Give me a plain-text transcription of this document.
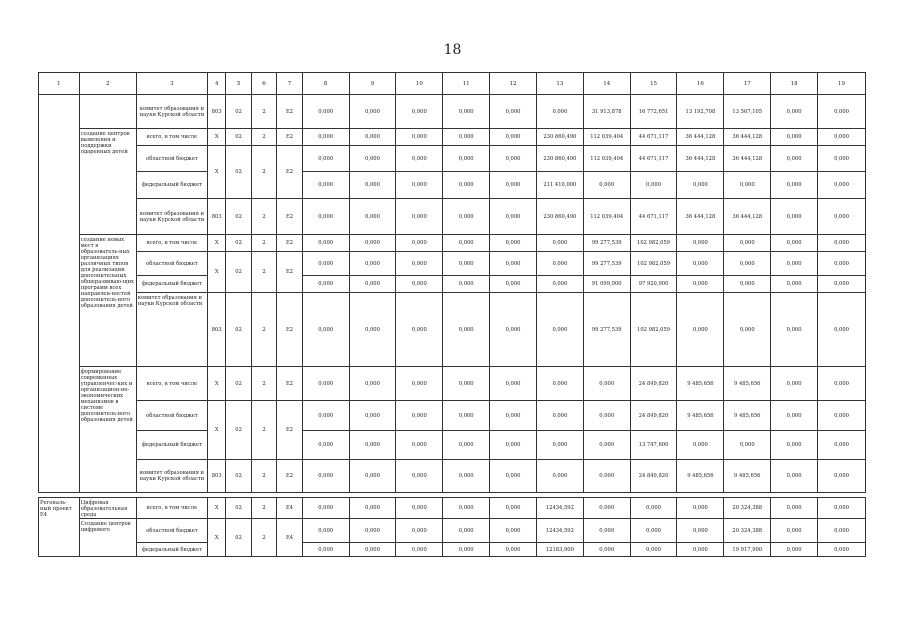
18
1	2	3	4	5	6	7	8	9	10	11	12	13	14	15	16	17	18	19
		комитет образования и науки Курской области	803	02	2	E2	0,000	0,000	0,000	0,000	0,000	0,000	31 913,878	16 772,651	13 192,708	13 567,105	0,000	0,000
	создание центров выявления и поддержки одаренных детей	всего, в том числе	X	02	2	E2	0,000	0,000	0,000	0,000	0,000	230 860,490	112 039,404	44 671,117	36 444,128	36 444,128	0,000	0,000
		областной бюджет	X	02	2	E2	0,000	0,000	0,000	0,000	0,000	230 860,490	112 039,404	44 671,117	36 444,128	36 444,128	0,000	0,000
		федеральный бюджет					0,000	0,000	0,000	0,000	0,000	211 410,000	0,000	0,000	0,000	0,000	0,000	0,000
		комитет образования и науки Курской области	803	02	2	E2	0,000	0,000	0,000	0,000	0,000	230 860,490	112 039,404	44 671,117	36 444,128	36 444,128	0,000	0,000
	создание новых мест в образователь-ных организациях различных типов для реализации дополнительных общеразвиваю-щих программ всех направлен-ностей дополнитель-ного образования детей	всего, в том числе	X	02	2	E2	0,000	0,000	0,000	0,000	0,000	0,000	99 277,539	102 982,059	0,000	0,000	0,000	0,000
		областной бюджет	X	02	2	E2	0,000	0,000	0,000	0,000	0,000	0,000	99 277,539	102 982,059	0,000	0,000	0,000	0,000
		федеральный бюджет					0,000	0,000	0,000	0,000	0,000	0,000	91 099,900	97 920,900	0,000	0,000	0,000	0,000
		комитет образования и науки Курской области	803	02	2	E2	0,000	0,000	0,000	0,000	0,000	0,000	99 277,539	102 982,059	0,000	0,000	0,000	0,000
	формирование современных управленчес-ких и организацион-но-экономических механизмов в системе дополнитель-ного образования детей	всего, в том числе	X	02	2	E2	0,000	0,000	0,000	0,000	0,000	0,000	0,000	24 849,820	9 485,656	9 485,656	0,000	0,000
		областной бюджет	X	02	2	E2	0,000	0,000	0,000	0,000	0,000	0,000	0,000	24 849,820	9 485,656	9 485,656	0,000	0,000
		федеральный бюджет					0,000	0,000	0,000	0,000	0,000	0,000	0,000	13 747,600	0,000	0,000	0,000	0,000
		комитет образования и науки Курской области	803	02	2	E2	0,000	0,000	0,000	0,000	0,000	0,000	0,000	24 849,820	9 485,656	9 485,656	0,000	0,000
Регональ-ный проект Е4	Цифровая образовательная среда	всего, в том числе	X	02	2	E4	0,000	0,000	0,000	0,000	0,000	12434,592	0,000	0,000	0,000	20 324,388	0,000	0,000
	Создание центров цифрового	областной бюджет	X	02	2	E4	0,000	0,000	0,000	0,000	0,000	12434,592	0,000	0,000	0,000	20 324,388	0,000	0,000
		федеральный бюджет					0,000	0,000	0,000	0,000	0,000	12183,900	0,000	0,000	0,000	19 917,900	0,000	0,000
